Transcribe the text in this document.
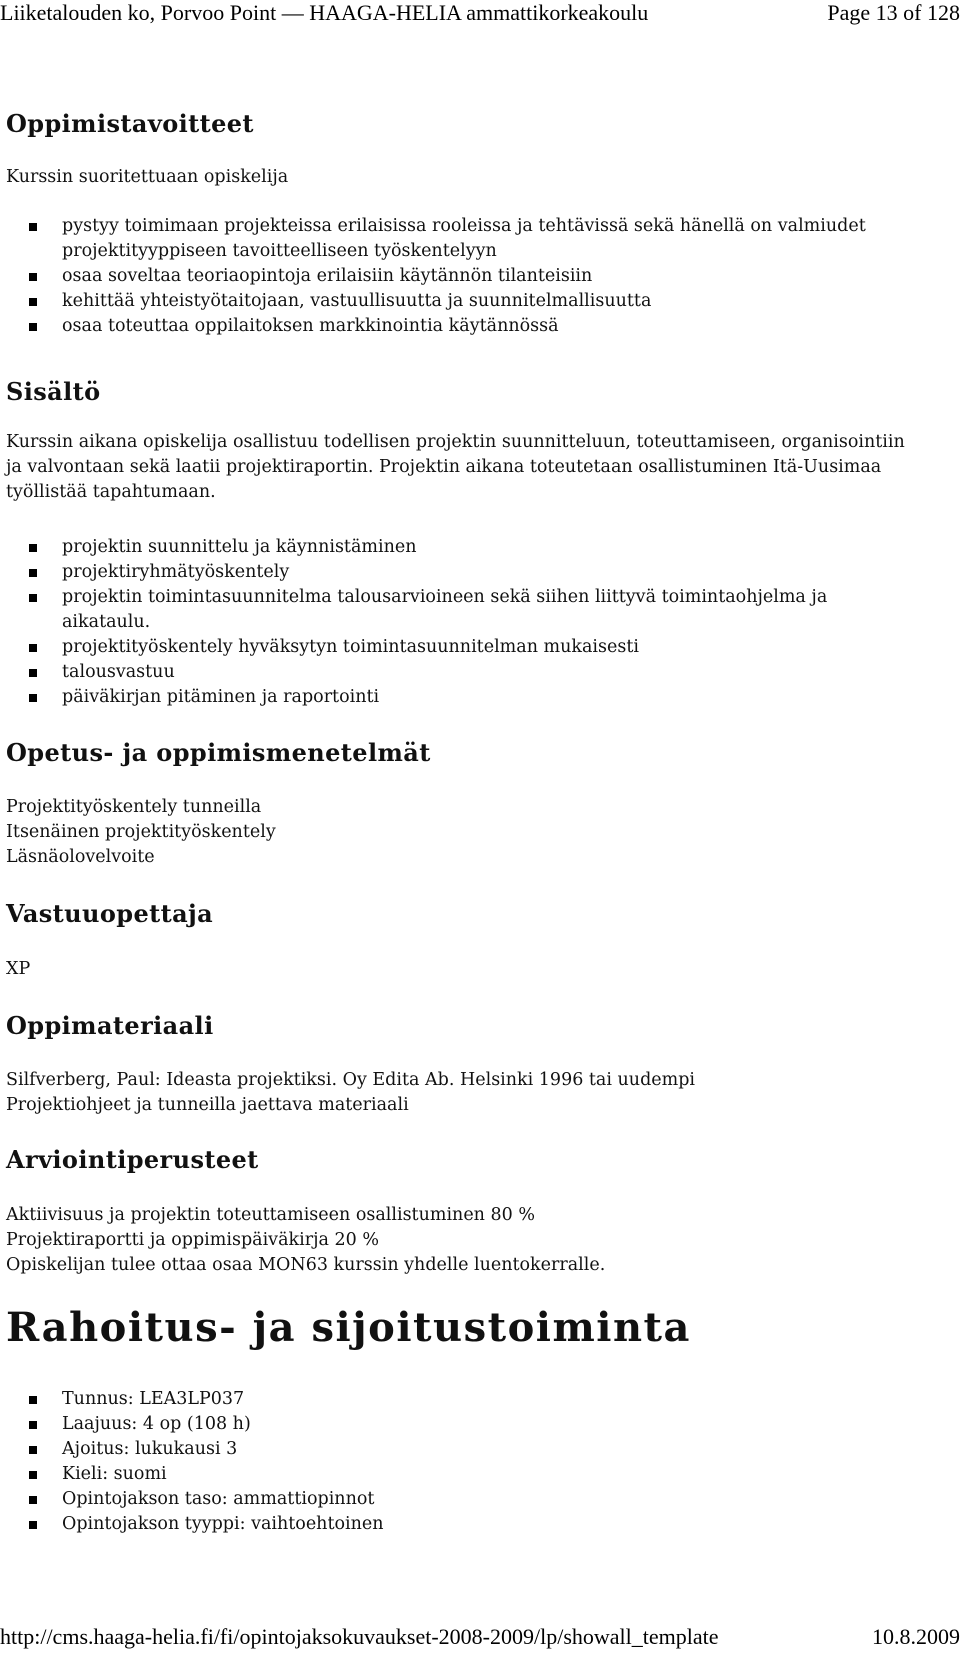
Liiketalouden ko, Porvoo Point — HAAGA-HELIA ammattikorkeakoulu	Page 13 of 128
Oppimistavoitteet
Kurssin suoritettuaan opiskelija
pystyy toimimaan projekteissa erilaisissa rooleissa ja tehtävissä sekä hänellä on valmiudet projektityyppiseen tavoitteelliseen työskentelyyn
osaa soveltaa teoriaopintoja erilaisiin käytännön tilanteisiin
kehittää yhteistyötaitojaan, vastuullisuutta ja suunnitelmallisuutta
osaa toteuttaa oppilaitoksen markkinointia käytännössä
Sisältö
Kurssin aikana opiskelija osallistuu todellisen projektin suunnitteluun, toteuttamiseen, organisointiin ja valvontaan sekä laatii projektiraportin. Projektin aikana toteutetaan osallistuminen Itä-Uusimaa työllistää tapahtumaan.
projektin suunnittelu ja käynnistäminen
projektiryhmätyöskentely
projektin toimintasuunnitelma talousarvioineen sekä siihen liittyvä toimintaohjelma ja aikataulu.
projektityöskentely hyväksytyn toimintasuunnitelman mukaisesti
talousvastuu
päiväkirjan pitäminen ja raportointi
Opetus- ja oppimismenetelmät
Projektityöskentely tunneilla
Itsenäinen projektityöskentely
Läsnäolovelvoite
Vastuuopettaja
XP
Oppimateriaali
Silfverberg, Paul: Ideasta projektiksi. Oy Edita Ab. Helsinki 1996 tai uudempi
Projektiohjeet ja tunneilla jaettava materiaali
Arviointiperusteet
Aktiivisuus ja projektin toteuttamiseen osallistuminen 80 %
Projektiraportti ja oppimispäiväkirja 20 %
Opiskelijan tulee ottaa osaa MON63 kurssin yhdelle luentokerralle.
Rahoitus- ja sijoitustoiminta
Tunnus: LEA3LP037
Laajuus: 4 op (108 h)
Ajoitus: lukukausi 3
Kieli: suomi
Opintojakson taso: ammattiopinnot
Opintojakson tyyppi: vaihtoehtoinen
http://cms.haaga-helia.fi/fi/opintojaksokuvaukset-2008-2009/lp/showall_template	10.8.2009
